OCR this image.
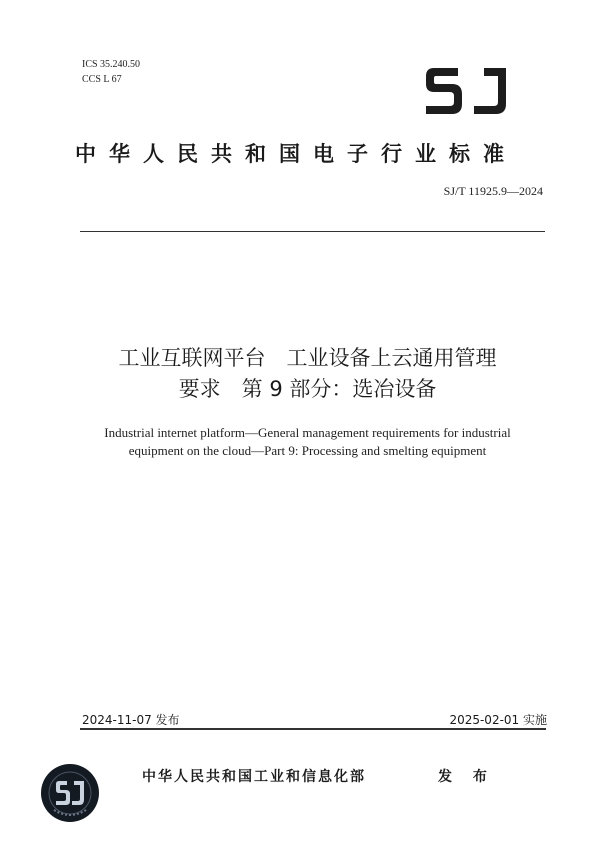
ICS 35.240.50
CCS L 67
中华人民共和国电子行业标准
SJ/T 11925.9—2024
工业互联网平台　工业设备上云通用管理
要求　第 9 部分：选冶设备
Industrial internet platform—General management requirements for industrial
equipment on the cloud—Part 9: Processing and smelting equipment
2024-11-07 发布	2025-02-01 实施
中华人民共和国工业和信息化部	发 布
